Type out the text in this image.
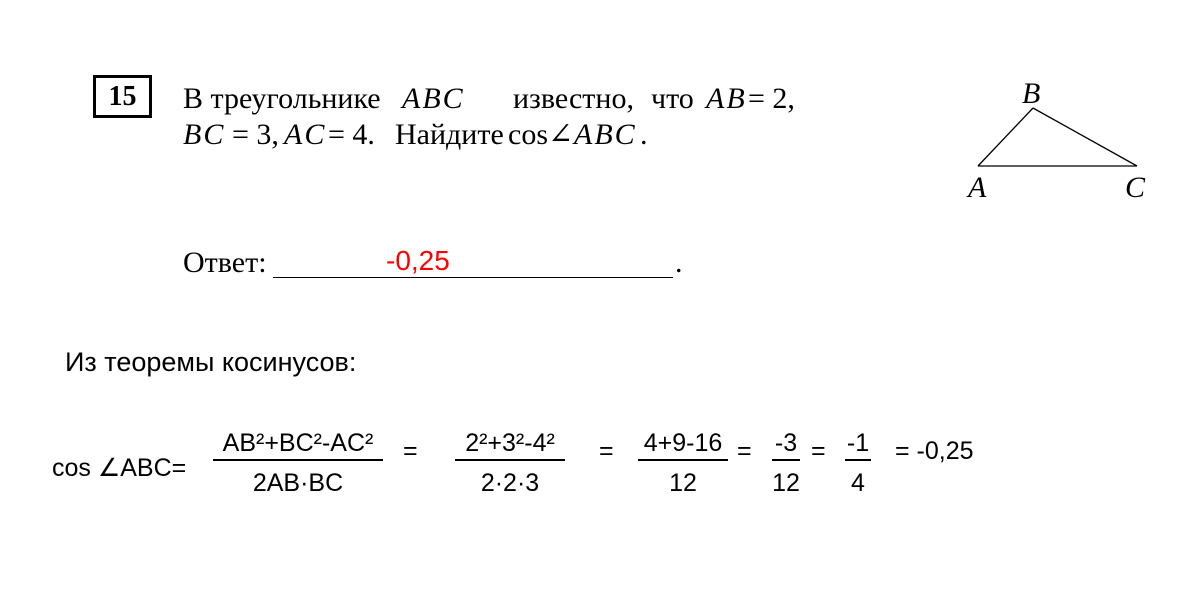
15 В треугольнике ABC известно, что AB = 2,
BC = 3, AC = 4. Найдите cos∠ ABC .
B
A	C
Ответ:	.
-0,25
Из теоремы косинусов:
cos ∠ABC=
AB²+BC²-AC²
2AB·BC
=	2²+3²-4²
2·2·3
= 4+9-16
12
= -3
12
= -1
4
= -0,25
